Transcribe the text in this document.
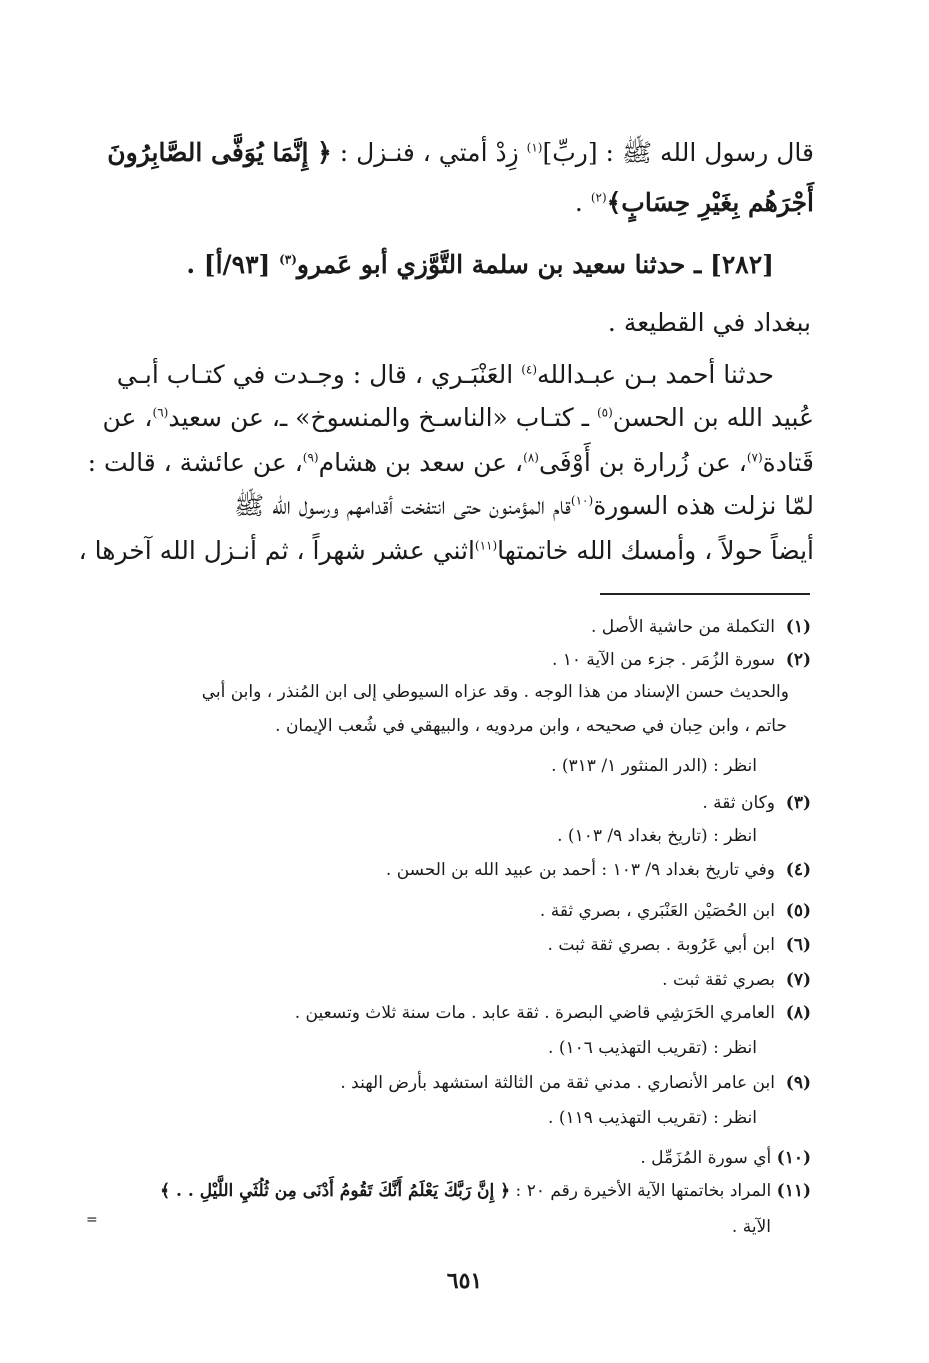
قال رسول الله ﷺ : [ربِّ]$^{(١)}$ زِدْ أمتي ، فنـزل : ﴿ إِنَّمَا يُوَفَّى الصَّابِرُونَ
أَجْرَهُم بِغَيْرِ حِسَابٍ﴾$^{(٢)}$ .
[٢٨٢] ـ حدثنا سعيد بن سلمة التَّوَّزي أبو عَمرو$^{(٣)}$ [٩٣/أ] .
ببغداد في القطيعة .
حدثنا أحمد بـن عبـدالله$^{(٤)}$ العَنْبَـري ، قال : وجـدت في كتـاب أبـي
عُبيد الله بن الحسن$^{(٥)}$ ـ كتـاب «الناسـخ والمنسوخ» ـ، عن سعيد$^{(٦)}$، عن
قَتادة$^{(٧)}$، عن زُرارة بن أَوْفَى$^{(٨)}$، عن سعد بن هشام$^{(٩)}$، عن عائشة ، قالت :
لمّا نزلت هذه السورة$^{(١٠)}$قام المؤمنون حتى انتفخت أقدامهم ورسول الله ﷺ
أيضاً حولاً ، وأمسك الله خاتمتها$^{(١١)}$اثني عشر شهراً ، ثم أنـزل الله آخرها ،
(١)  التكملة من حاشية الأصل .
(٢)  سورة الزُمَر . جزء من الآية ١٠ .
والحديث حسن الإسناد من هذا الوجه . وقد عزاه السيوطي إلى ابن المُنذر ، وابن أبي
حاتم ، وابن حِبان في صحيحه ، وابن مردويه ، والبيهقي في شُعب الإيمان .
انظر : (الدر المنثور ١/ ٣١٣) .
(٣)  وكان ثقة .
انظر : (تاريخ بغداد ٩/ ١٠٣) .
(٤)  وفي تاريخ بغداد ٩/ ١٠٣ : أحمد بن عبيد الله بن الحسن .
(٥)  ابن الحُصَيْن العَنْبَري ، بصري ثقة .
(٦)  ابن أبي عَرُوبة . بصري ثقة ثبت .
(٧)  بصري ثقة ثبت .
(٨)  العامري الحَرَشِي قاضي البصرة . ثقة عابد . مات سنة ثلاث وتسعين .
انظر : (تقريب التهذيب ١٠٦) .
(٩)  ابن عامر الأنصاري . مدني ثقة من الثالثة استشهد بأرض الهند .
انظر : (تقريب التهذيب ١١٩) .
(١٠) أي سورة المُزَمِّل .
(١١) المراد بخاتمتها الآية الأخيرة رقم ٢٠ : ﴿ إِنَّ رَبَّكَ يَعْلَمُ أَنَّكَ تَقُومُ أَدْنَى مِن ثُلُثَيِ اللَّيْلِ . . ﴾
الآية .
=
٦٥١
